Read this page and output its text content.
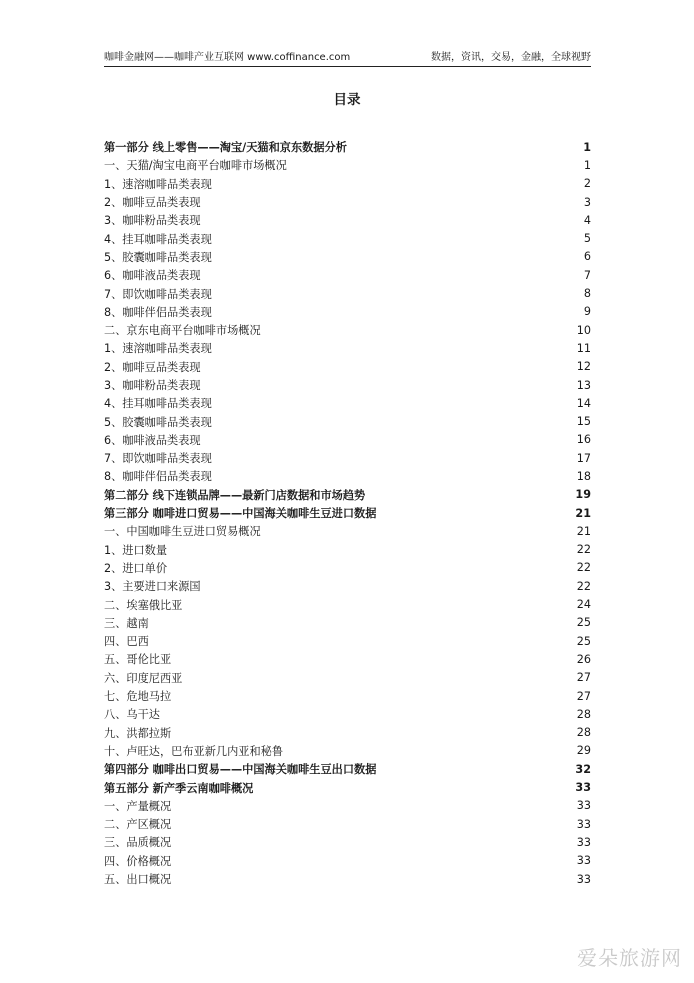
咖啡金融网——咖啡产业互联网 www.coffinance.com	数据，资讯，交易，金融，全球视野
目录
第一部分 线上零售——淘宝/天猫和京东数据分析	1
一、天猫/淘宝电商平台咖啡市场概况	1
1、速溶咖啡品类表现	2
2、咖啡豆品类表现	3
3、咖啡粉品类表现	4
4、挂耳咖啡品类表现	5
5、胶囊咖啡品类表现	6
6、咖啡液品类表现	7
7、即饮咖啡品类表现	8
8、咖啡伴侣品类表现	9
二、京东电商平台咖啡市场概况	10
1、速溶咖啡品类表现	11
2、咖啡豆品类表现	12
3、咖啡粉品类表现	13
4、挂耳咖啡品类表现	14
5、胶囊咖啡品类表现	15
6、咖啡液品类表现	16
7、即饮咖啡品类表现	17
8、咖啡伴侣品类表现	18
第二部分 线下连锁品牌——最新门店数据和市场趋势	19
第三部分 咖啡进口贸易——中国海关咖啡生豆进口数据	21
一、中国咖啡生豆进口贸易概况	21
1、进口数量	22
2、进口单价	22
3、主要进口来源国	22
二、埃塞俄比亚	24
三、越南	25
四、巴西	25
五、哥伦比亚	26
六、印度尼西亚	27
七、危地马拉	27
八、乌干达	28
九、洪都拉斯	28
十、卢旺达，巴布亚新几内亚和秘鲁	29
第四部分 咖啡出口贸易——中国海关咖啡生豆出口数据	32
第五部分 新产季云南咖啡概况	33
一、产量概况	33
二、产区概况	33
三、品质概况	33
四、价格概况	33
五、出口概况	33
爱朵旅游网
